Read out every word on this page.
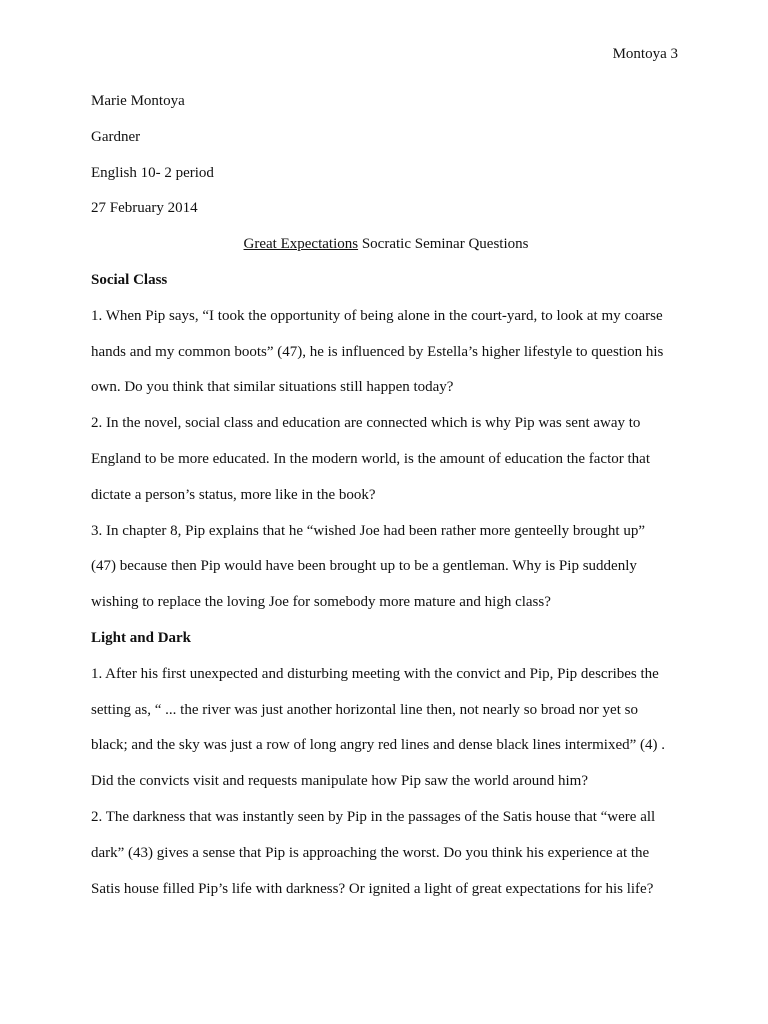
Montoya 3
Marie Montoya
Gardner
English 10- 2 period
27 February 2014
Great Expectations Socratic Seminar Questions
Social Class
1. When Pip says, “I took the opportunity of being alone in the court-yard, to look at my coarse
hands and my common boots” (47), he is influenced by Estella’s higher lifestyle to question his
own. Do you think that similar situations still happen today?
2. In the novel, social class and education are connected which is why Pip was sent away to
England to be more educated. In the modern world, is the amount of education the factor that
dictate a person’s status, more like in the book?
3. In chapter 8, Pip explains that he “wished Joe had been rather more genteelly brought up”
(47) because then Pip would have been brought up to be a gentleman. Why is Pip suddenly
wishing to replace the loving Joe for somebody more mature and high class?
Light and Dark
1. After his first unexpected and disturbing meeting with the convict and Pip, Pip describes the
setting as, “ ... the river was just another horizontal line then, not nearly so broad nor yet so
black; and the sky was just a row of long angry red lines and dense black lines intermixed” (4) .
Did the convicts visit and requests manipulate how Pip saw the world around him?
2. The darkness that was instantly seen by Pip in the passages of the Satis house that “were all
dark” (43) gives a sense that Pip is approaching the worst. Do you think his experience at the
Satis house filled Pip’s life with darkness? Or ignited a light of great expectations for his life?
